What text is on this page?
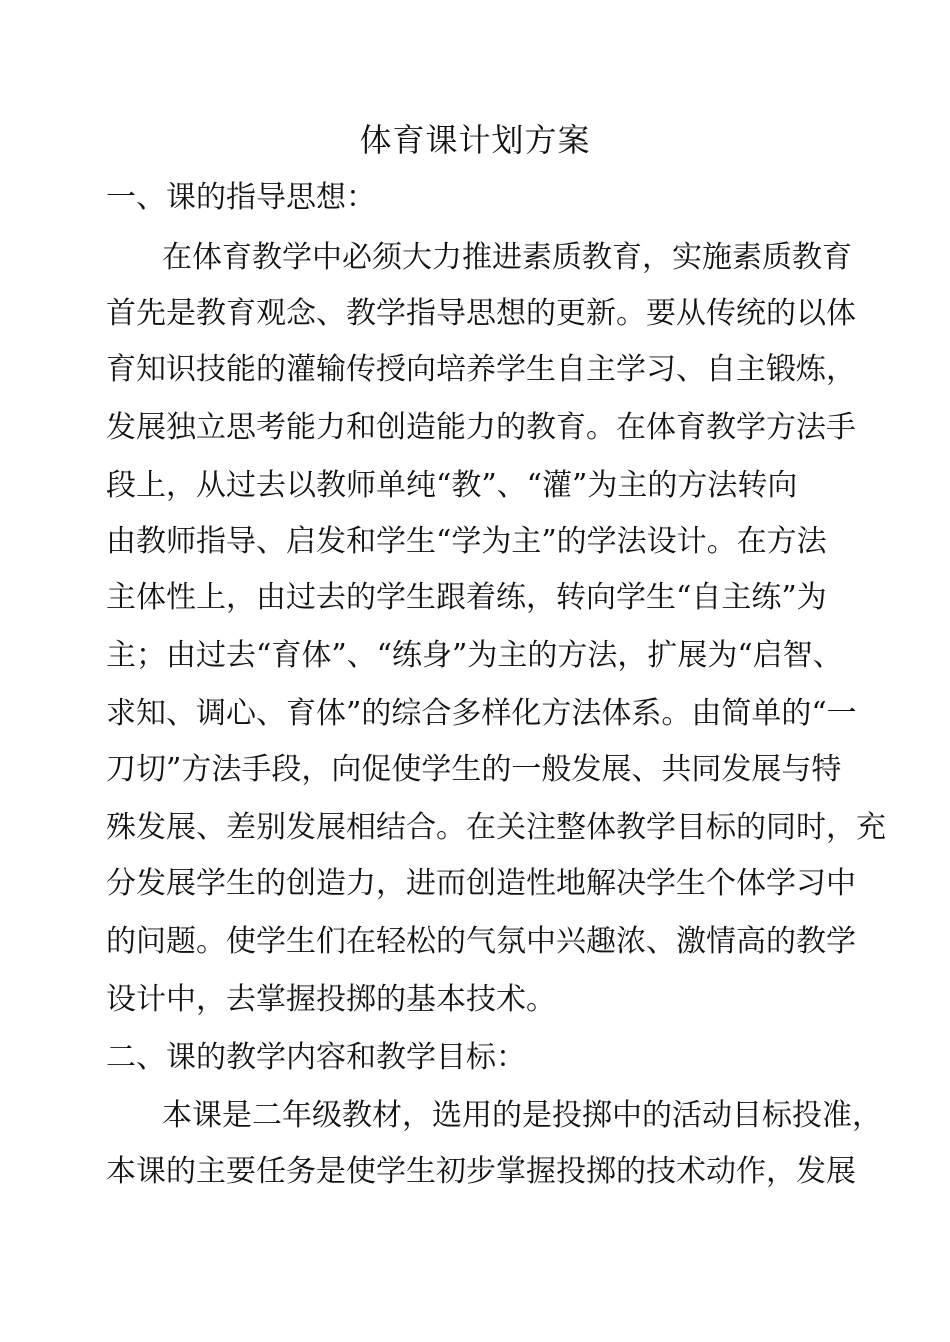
体育课计划方案
一、课的指导思想：
在体育教学中必须大力推进素质教育，实施素质教育
首先是教育观念、教学指导思想的更新。要从传统的以体
育知识技能的灌输传授向培养学生自主学习、自主锻炼，
发展独立思考能力和创造能力的教育。在体育教学方法手
段上，从过去以教师单纯“教”、“灌”为主的方法转向
由教师指导、启发和学生“学为主”的学法设计。在方法
主体性上，由过去的学生跟着练，转向学生“自主练”为
主；由过去“育体”、“练身”为主的方法，扩展为“启智、
求知、调心、育体”的综合多样化方法体系。由简单的“一
刀切”方法手段，向促使学生的一般发展、共同发展与特
殊发展、差别发展相结合。在关注整体教学目标的同时，充
分发展学生的创造力，进而创造性地解决学生个体学习中
的问题。使学生们在轻松的气氛中兴趣浓、激情高的教学
设计中，去掌握投掷的基本技术。
二、课的教学内容和教学目标：
本课是二年级教材，选用的是投掷中的活动目标投准，
本课的主要任务是使学生初步掌握投掷的技术动作，发展
